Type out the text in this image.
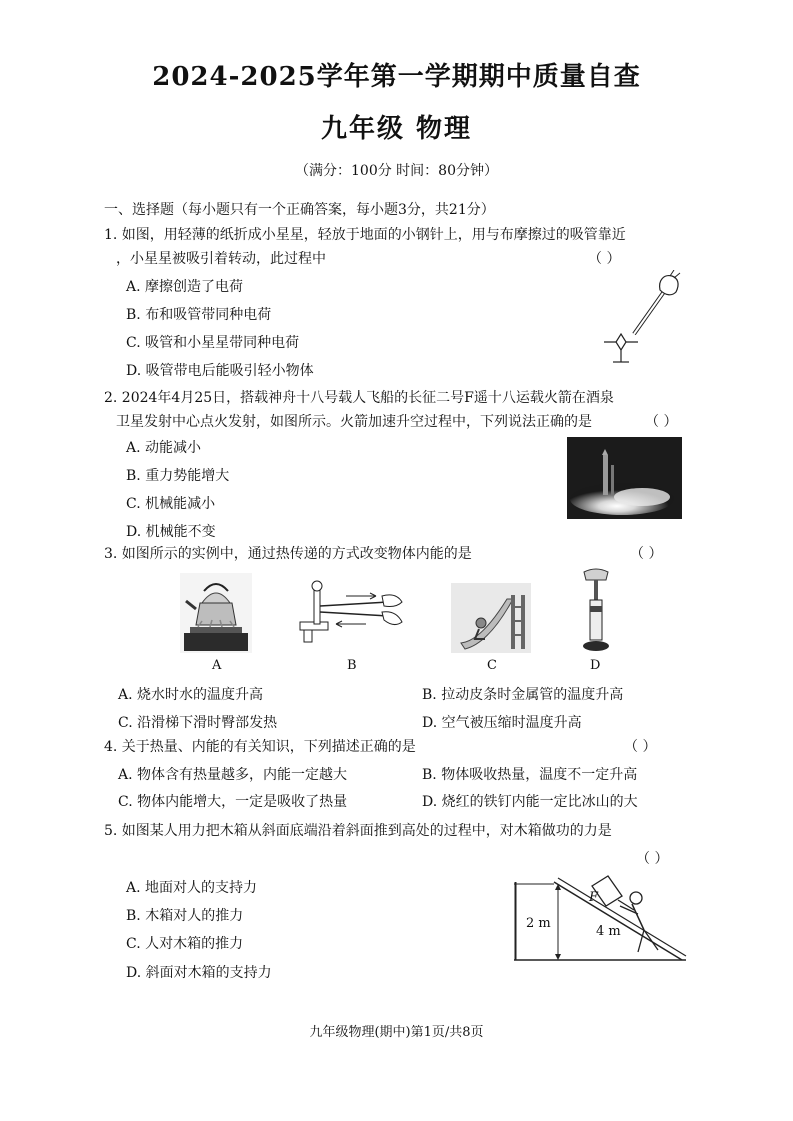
2024-2025学年第一学期期中质量自查
九年级 物理
（满分：100分 时间：80分钟）
一、选择题（每小题只有一个正确答案，每小题3分，共21分）
1. 如图，用轻薄的纸折成小星星，轻放于地面的小钢针上，用与布摩擦过的吸管靠近
，小星星被吸引着转动，此过程中	（ ）
A. 摩擦创造了电荷
B. 布和吸管带同种电荷
C. 吸管和小星星带同种电荷
D. 吸管带电后能吸引轻小物体
2. 2024年4月25日，搭载神舟十八号载人飞船的长征二号F遥十八运载火箭在酒泉
卫星发射中心点火发射，如图所示。火箭加速升空过程中，下列说法正确的是	（ ）
A. 动能减小
B. 重力势能增大
C. 机械能减小
D. 机械能不变
3. 如图所示的实例中，通过热传递的方式改变物体内能的是	（ ）
A	B	C	D
A. 烧水时水的温度升高	B. 拉动皮条时金属管的温度升高
C. 沿滑梯下滑时臀部发热	D. 空气被压缩时温度升高
4. 关于热量、内能的有关知识，下列描述正确的是	（ ）
A. 物体含有热量越多，内能一定越大	B. 物体吸收热量，温度不一定升高
C. 物体内能增大，一定是吸收了热量	D. 烧红的铁钉内能一定比冰山的大
5. 如图某人用力把木箱从斜面底端沿着斜面推到高处的过程中，对木箱做功的力是
（ ）
A. 地面对人的支持力
B. 木箱对人的推力
C. 人对木箱的推力
D. 斜面对木箱的支持力
2 m
4 m
F
九年级物理(期中)第1页/共8页
